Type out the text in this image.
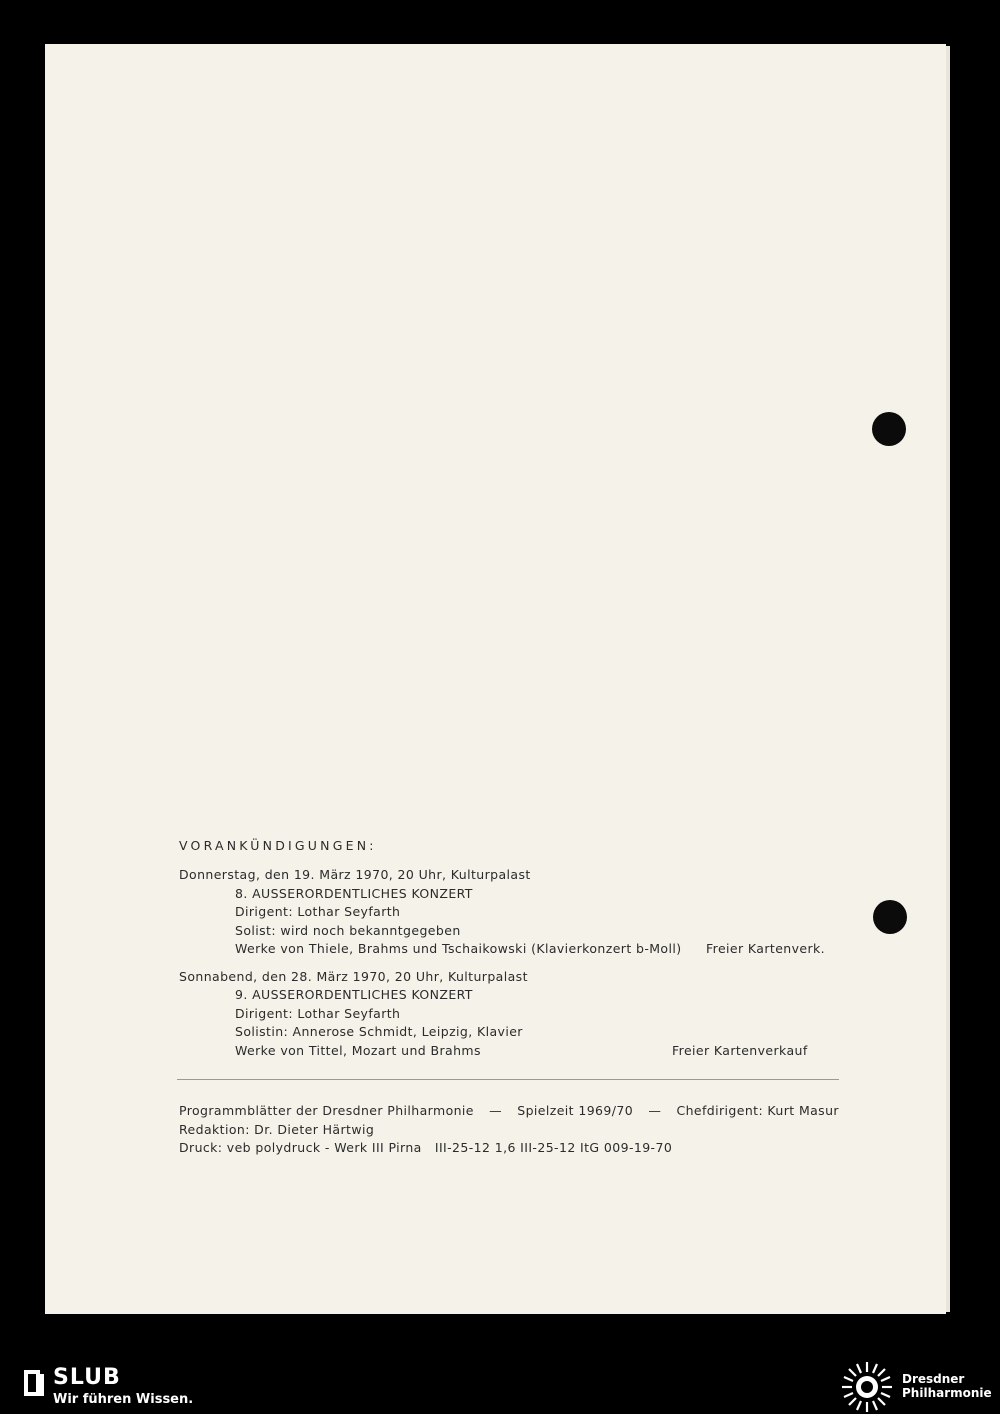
VORANKÜNDIGUNGEN:
Donnerstag, den 19. März 1970, 20 Uhr, Kulturpalast
8. AUSSERORDENTLICHES KONZERT
Dirigent: Lothar Seyfarth
Solist: wird noch bekanntgegeben
Werke von Thiele, Brahms und Tschaikowski (Klavierkonzert b-Moll) Freier Kartenverk.
Sonnabend, den 28. März 1970, 20 Uhr, Kulturpalast
9. AUSSERORDENTLICHES KONZERT
Dirigent: Lothar Seyfarth
Solistin: Annerose Schmidt, Leipzig, Klavier
Werke von Tittel, Mozart und Brahms	Freier Kartenverkauf
Programmblätter der Dresdner Philharmonie — Spielzeit 1969/70 — Chefdirigent: Kurt Masur
Redaktion: Dr. Dieter Härtwig
Druck: veb polydruck - Werk III Pirna   III-25-12 1,6 III-25-12 ItG 009-19-70
SLUB
Wir führen Wissen.
Dresdner
Philharmonie
